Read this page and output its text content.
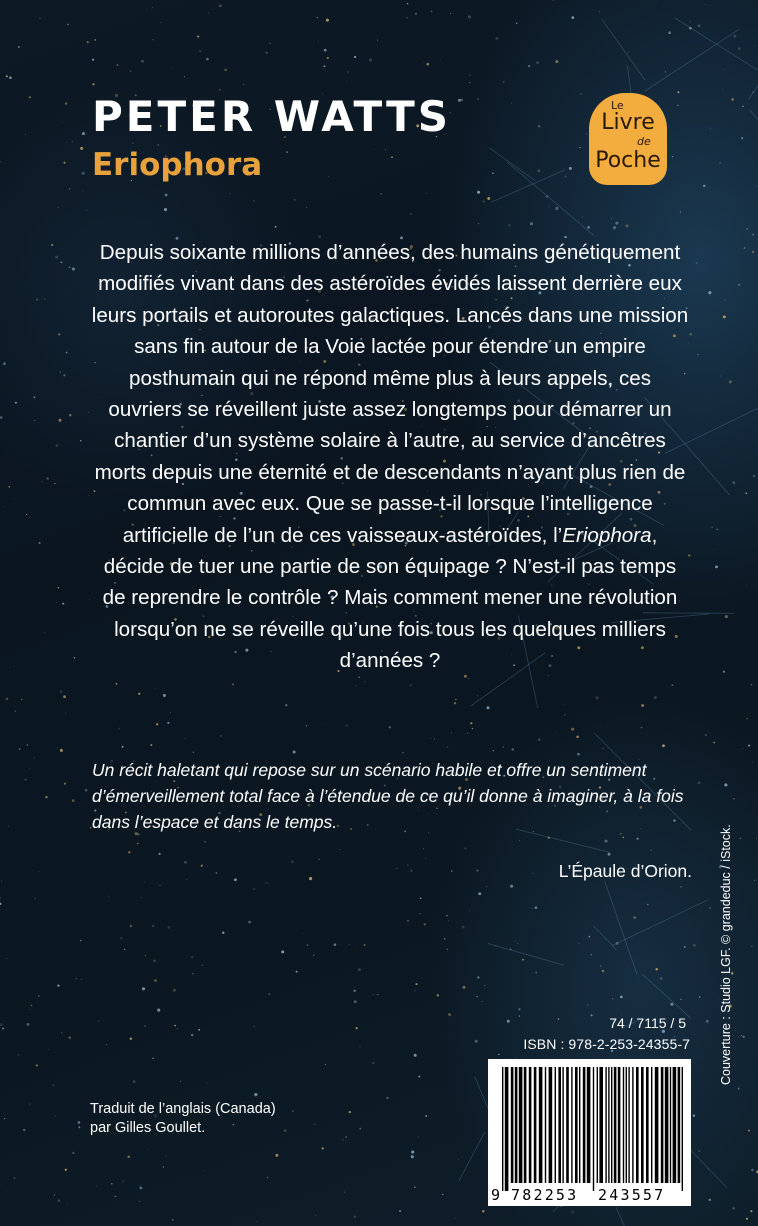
PETER WATTS
Eriophora
Le
Livre
de
Poche

Depuis soixante millions d’années, des humains génétiquement modifiés vivant dans des astéroïdes évidés laissent derrière eux leurs portails et autoroutes galactiques. Lancés dans une mission sans fin autour de la Voie lactée pour étendre un empire posthumain qui ne répond même plus à leurs appels, ces ouvriers se réveillent juste assez longtemps pour démarrer un chantier d’un système solaire à l’autre, au service d’ancêtres morts depuis une éternité et de descendants n’ayant plus rien de commun avec eux. Que se passe-t-il lorsque l’intelligence artificielle de l’un de ces vaisseaux-astéroïdes, l’Eriophora, décide de tuer une partie de son équipage ? N’est-il pas temps de reprendre le contrôle ? Mais comment mener une révolution lorsqu’on ne se réveille qu’une fois tous les quelques milliers d’années ?

Un récit haletant qui repose sur un scénario habile et offre un sentiment d’émerveillement total face à l’étendue de ce qu’il donne à imaginer, à la fois dans l’espace et dans le temps.

L’Épaule d’Orion.

74 / 7115 / 5

ISBN : 978-2-253-24355-7

Traduit de l’anglais (Canada)
par Gilles Goullet.

9 782253 243557

Couverture : Studio LGF. © grandeduc / iStock.
